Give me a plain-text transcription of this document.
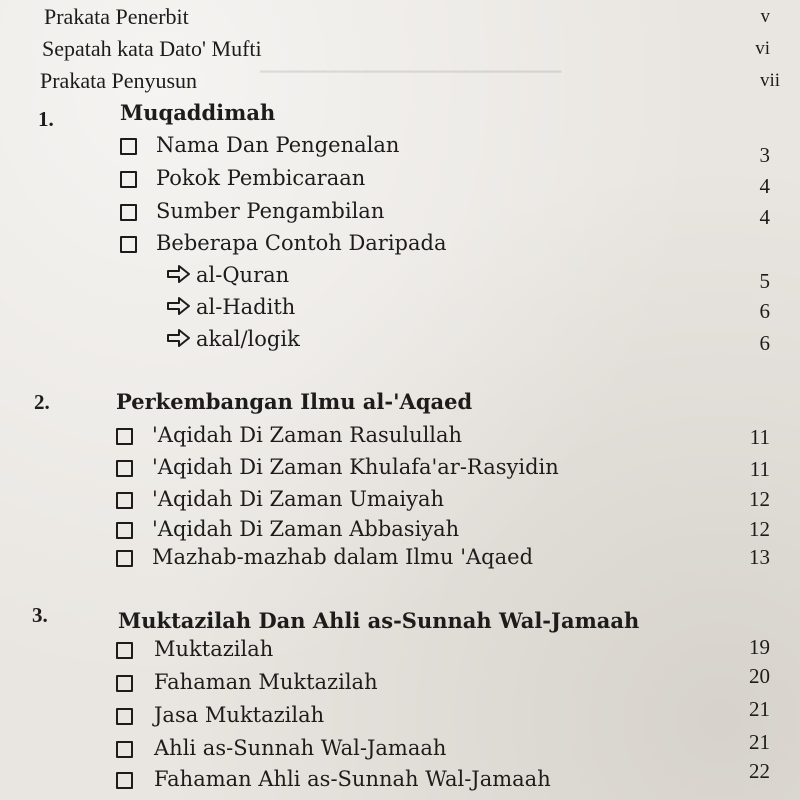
▁▁▁▁▁▁▁▁▁▁▁▁▁▁▁▁▁▁▁▁▁▁▁▁▁▁▁▁
Prakata Penerbit	v
Sepatah kata Dato' Mufti	vi
Prakata Penyusun	vii
1.	Muqaddimah
Nama Dan Pengenalan	3
Pokok Pembicaraan	4
Sumber Pengambilan	4
Beberapa Contoh Daripada
al-Quran	5
al-Hadith	6
akal/logik	6
2.	Perkembangan Ilmu al-'Aqaed
'Aqidah Di Zaman Rasulullah	11
'Aqidah Di Zaman Khulafa'ar-Rasyidin	11
'Aqidah Di Zaman Umaiyah	12
'Aqidah Di Zaman Abbasiyah	12
Mazhab-mazhab dalam Ilmu 'Aqaed	13
3.	Muktazilah Dan Ahli as-Sunnah Wal-Jamaah
Muktazilah	19
Fahaman Muktazilah	20
Jasa Muktazilah	21
Ahli as-Sunnah Wal-Jamaah	21
Fahaman Ahli as-Sunnah Wal-Jamaah	22
